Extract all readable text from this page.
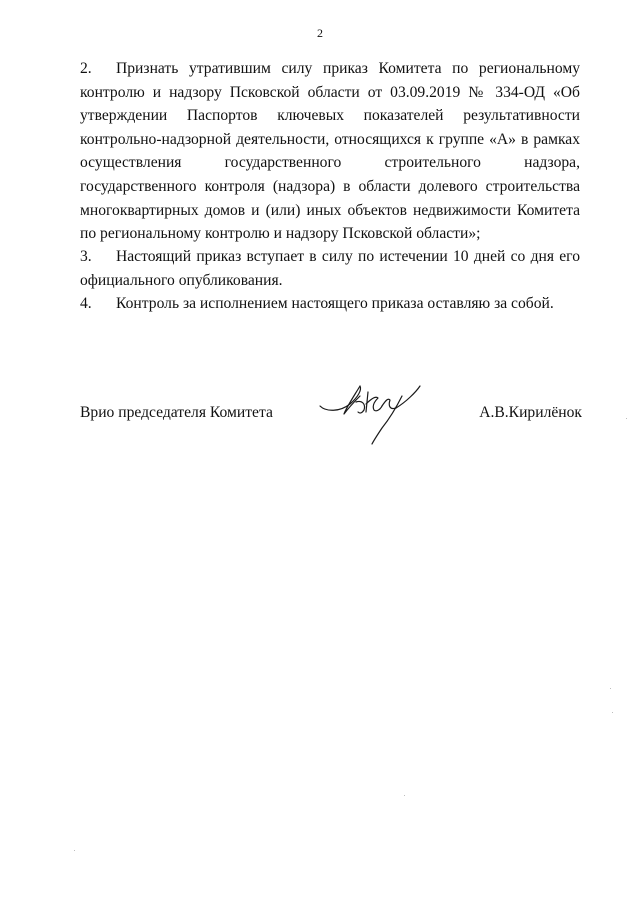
2
2.	Признать утратившим силу приказ Комитета по региональному
контролю и надзору Псковской области от 03.09.2019 № 334-ОД «Об утверждении Паспортов ключевых показателей результативности контрольно-надзорной деятельности, относящихся к группе «А» в рамках осуществления государственного строительного надзора, государственного контроля (надзора) в области долевого строительства многоквартирных домов и (или) иных объектов недвижимости Комитета по региональному контролю и надзору Псковской области»;
3.	Настоящий приказ вступает в силу по истечении 10 дней со дня его
официального опубликования.
4.	Контроль за исполнением настоящего приказа оставляю за собой.
Врио председателя Комитета	А.В.Кирилёнок
